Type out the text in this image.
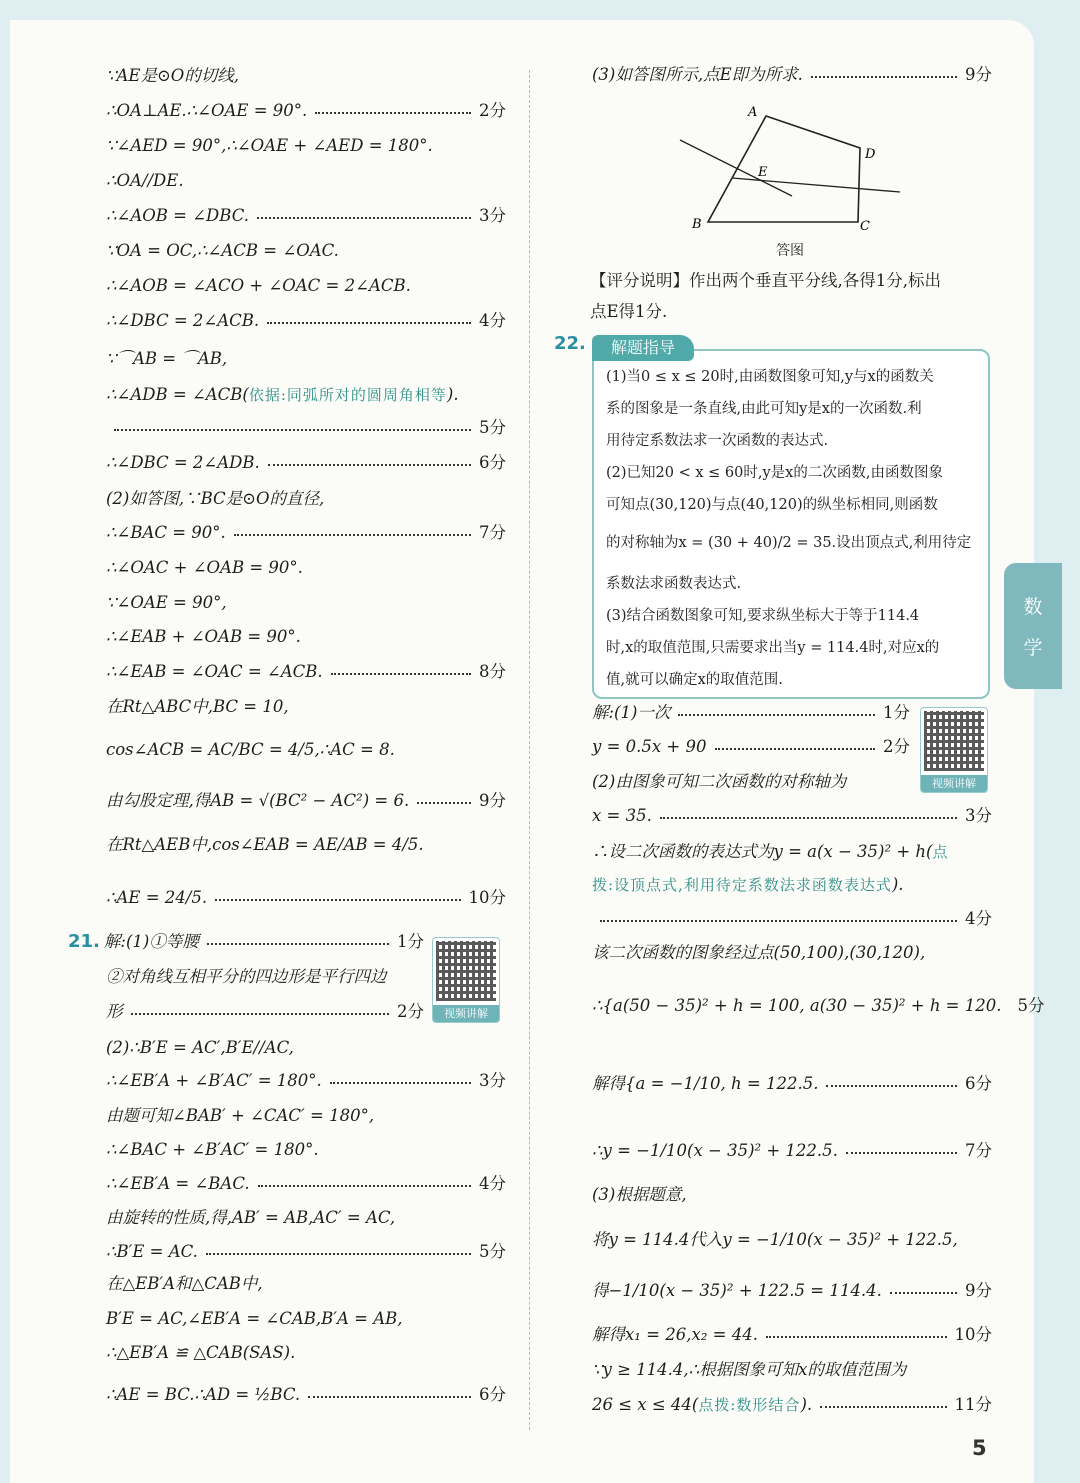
数
学
∵AE是⊙O的切线,
∴OA⊥AE.∴∠OAE = 90°.	2分
∵∠AED = 90°,∴∠OAE + ∠AED = 180°.
∴OA//DE.
∴∠AOB = ∠DBC.	3分
∵OA = OC,∴∠ACB = ∠OAC.
∴∠AOB = ∠ACO + ∠OAC = 2∠ACB.
∴∠DBC = 2∠ACB.	4分
∵⌒AB = ⌒AB,
∴∠ADB = ∠ACB( 依据:同弧所对的圆周角相等 ).
5分
∴∠DBC = 2∠ADB.	6分
(2)如答图,∵BC是⊙O的直径,
∴∠BAC = 90°.	7分
∴∠OAC + ∠OAB = 90°.
∵∠OAE = 90°,
∴∠EAB + ∠OAB = 90°.
∴∠EAB = ∠OAC = ∠ACB.	8分
在Rt△ABC中,BC = 10,
cos∠ACB = AC/BC = 4/5,∴AC = 8.
由勾股定理,得AB = √(BC² − AC²) = 6.	9分
在Rt△AEB中,cos∠EAB = AE/AB = 4/5.
∴AE = 24/5.	10分
21. 解:(1)①等腰	1分
②对角线互相平分的四边形是平行四边
形	2分
(2)∴B′E = AC′,B′E//AC,
∴∠EB′A + ∠B′AC′ = 180°.	3分
由题可知∠BAB′ + ∠CAC′ = 180°,
∴∠BAC + ∠B′AC′ = 180°.
∴∠EB′A = ∠BAC.	4分
由旋转的性质,得,AB′ = AB,AC′ = AC,
∴B′E = AC.	5分
在△EB′A和△CAB中,
B′E = AC,∠EB′A = ∠CAB,B′A = AB,
∴△EB′A ≌ △CAB(SAS).
∴AE = BC.∴AD = ½BC.	6分
视频讲解
视频讲解
(3)如答图所示,点E即为所求.	9分
A
B	C
D
E
答图
【评分说明】作出两个垂直平分线,各得1分,标出
点E得1分.
22.	解题指导
(1)当0 ≤ x ≤ 20时,由函数图象可知,y与x的函数关
系的图象是一条直线,由此可知y是x的一次函数.利
用待定系数法求一次函数的表达式.
(2)已知20 < x ≤ 60时,y是x的二次函数,由函数图象
可知点(30,120)与点(40,120)的纵坐标相同,则函数
的对称轴为x = (30 + 40)/2 = 35.设出顶点式,利用待定
系数法求函数表达式.
(3)结合函数图象可知,要求纵坐标大于等于114.4
时,x的取值范围,只需要求出当y = 114.4时,对应x的
值,就可以确定x的取值范围.
解:(1)一次	1分
y = 0.5x + 90	2分
(2)由图象可知二次函数的对称轴为
x = 35.	3分
∴设二次函数的表达式为y = a(x − 35)² + h( 点
拨:设顶点式,利用待定系数法求函数表达式 ).
4分
该二次函数的图象经过点(50,100),(30,120),
∴{a(50 − 35)² + h = 100, a(30 − 35)² + h = 120. 5分
解得{a = −1/10, h = 122.5.	6分
∴y = −1/10(x − 35)² + 122.5.	7分
(3)根据题意,
将y = 114.4代入y = −1/10(x − 35)² + 122.5,
得−1/10(x − 35)² + 122.5 = 114.4.	9分
解得x₁ = 26,x₂ = 44.	10分
∵y ≥ 114.4,∴根据图象可知x的取值范围为
26 ≤ x ≤ 44( 点拨:数形结合 ).	11分
5
